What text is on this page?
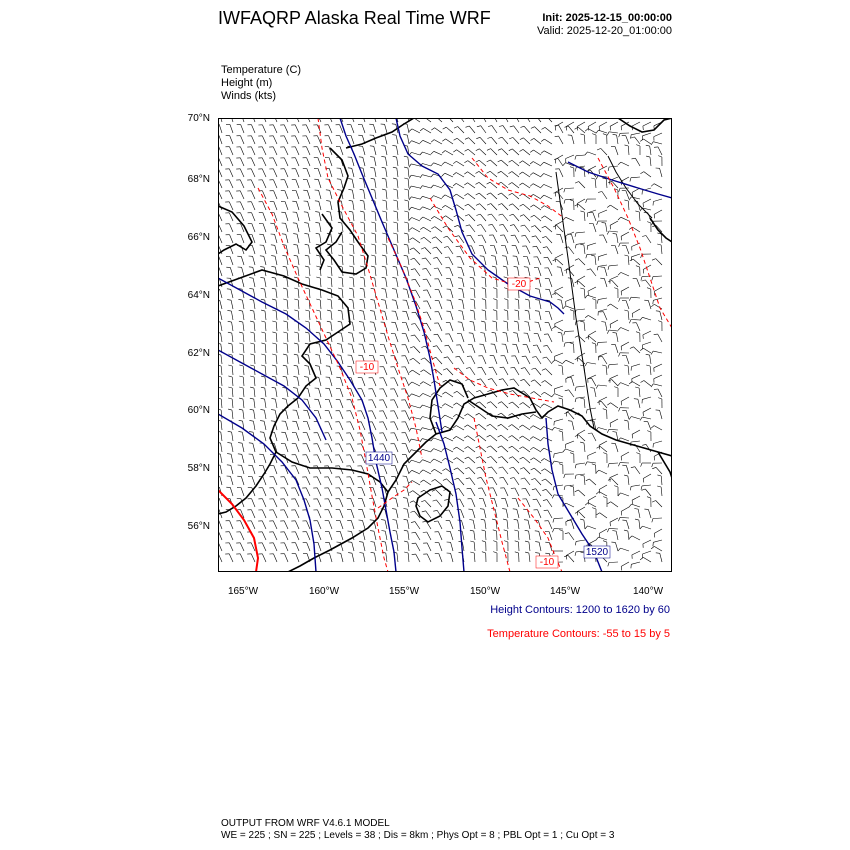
IWFAQRP Alaska Real Time WRF	Init: 2025-12-15_00:00:00
Valid: 2025-12-20_01:00:00
Temperature (C)
Height (m)
Winds (kts)
70°N
68°N
66°N
64°N
62°N
60°N
58°N
56°N
165°W	160°W	155°W	150°W	145°W	140°W
1440
1520
-20
-10
-10
Height Contours: 1200 to 1620 by 60
Temperature Contours: -55 to 15 by 5
OUTPUT FROM WRF V4.6.1 MODEL
WE = 225 ; SN = 225 ; Levels = 38 ; Dis = 8km ; Phys Opt = 8 ; PBL Opt = 1 ; Cu Opt = 3
